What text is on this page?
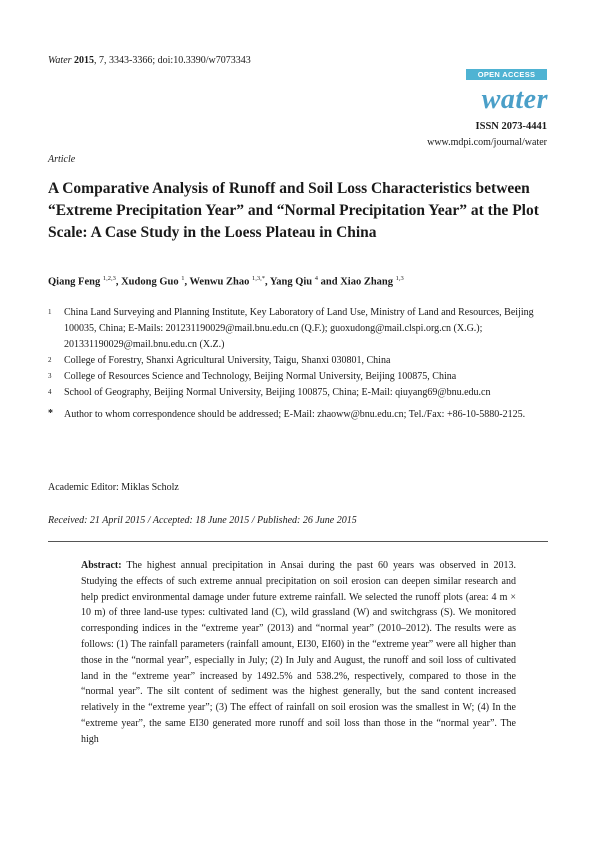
Water 2015, 7, 3343-3366; doi:10.3390/w7073343
OPEN ACCESS
water
ISSN 2073-4441
www.mdpi.com/journal/water
Article
A Comparative Analysis of Runoff and Soil Loss Characteristics between “Extreme Precipitation Year” and “Normal Precipitation Year” at the Plot Scale: A Case Study in the Loess Plateau in China
Qiang Feng $^{1,2,3}$, Xudong Guo $^1$, Wenwu Zhao $^{1,3,*}$, Yang Qiu $^4$ and Xiao Zhang $^{1,3}$
1	China Land Surveying and Planning Institute, Key Laboratory of Land Use, Ministry of Land and Resources, Beijing 100035, China; E-Mails: 201231190029@mail.bnu.edu.cn (Q.F.); guoxudong@mail.clspi.org.cn (X.G.); 201331190029@mail.bnu.edu.cn (X.Z.)
2	College of Forestry, Shanxi Agricultural University, Taigu, Shanxi 030801, China
3	College of Resources Science and Technology, Beijing Normal University, Beijing 100875, China
4	School of Geography, Beijing Normal University, Beijing 100875, China; E-Mail: qiuyang69@bnu.edu.cn
*	Author to whom correspondence should be addressed; E-Mail: zhaoww@bnu.edu.cn; Tel./Fax: +86-10-5880-2125.
Academic Editor: Miklas Scholz
Received: 21 April 2015 / Accepted: 18 June 2015 / Published: 26 June 2015

Abstract: The highest annual precipitation in Ansai during the past 60 years was observed in 2013. Studying the effects of such extreme annual precipitation on soil erosion can deepen similar research and help predict environmental damage under future extreme rainfall. We selected the runoff plots (area: 4 m × 10 m) of three land-use types: cultivated land (C), wild grassland (W) and switchgrass (S). We monitored corresponding indices in the “extreme year” (2013) and “normal year” (2010–2012). The results were as follows: (1) The rainfall parameters (rainfall amount, EI30, EI60) in the “extreme year” were all higher than those in the “normal year”, especially in July; (2) In July and August, the runoff and soil loss of cultivated land in the “extreme year” increased by 1492.5% and 538.2%, respectively, compared to those in the “normal year”. The silt content of sediment was the highest generally, but the sand content increased relatively in the “extreme year”; (3) The effect of rainfall on soil erosion was the smallest in W; (4) In the “extreme year”, the same EI30 generated more runoff and soil loss than those in the “normal year”. The high
